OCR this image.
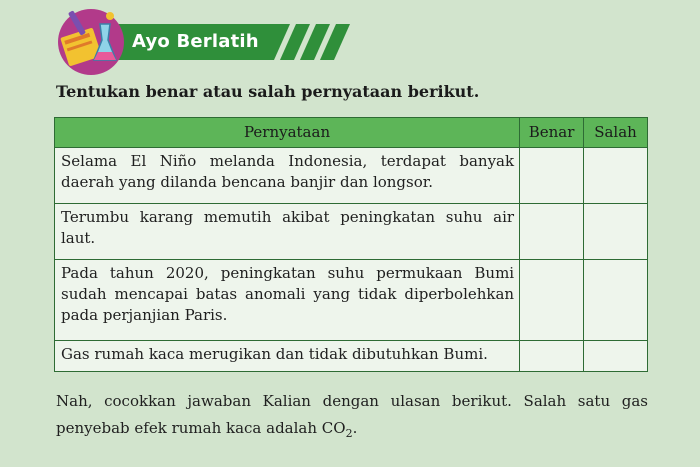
Ayo Berlatih
Tentukan benar atau salah pernyataan berikut.
Pernyataan	Benar	Salah
Selama El Niño melanda Indonesia, terdapat banyak daerah yang dilanda bencana banjir dan longsor.		
Terumbu karang memutih akibat peningkatan suhu air laut.		
Pada tahun 2020, peningkatan suhu permukaan Bumi sudah mencapai batas anomali yang tidak diperbolehkan pada perjanjian Paris.		
Gas rumah kaca merugikan dan tidak dibutuhkan Bumi.		
Nah, cocokkan jawaban Kalian dengan ulasan berikut. Salah satu gas penyebab efek rumah kaca adalah $CO_2$.
